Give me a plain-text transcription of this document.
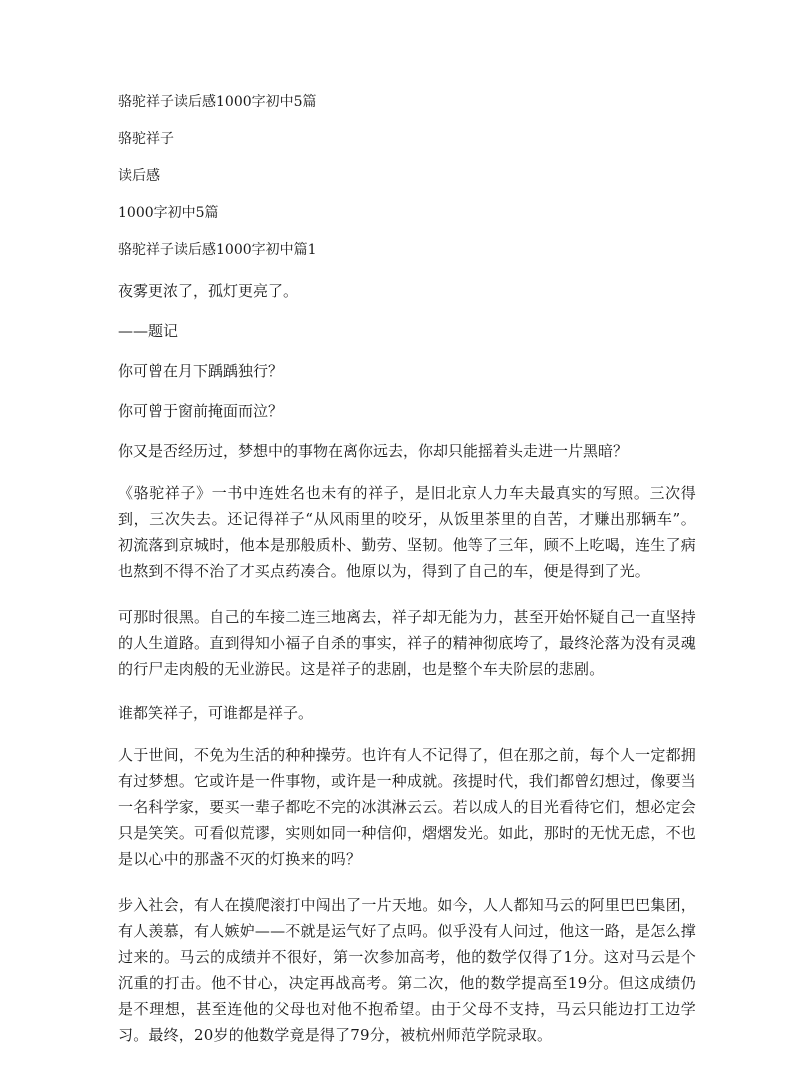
骆驼祥子读后感1000字初中5篇

骆驼祥子

读后感

1000字初中5篇

骆驼祥子读后感1000字初中篇1

夜雾更浓了，孤灯更亮了。

——题记

你可曾在月下踽踽独行？

你可曾于窗前掩面而泣？

你又是否经历过，梦想中的事物在离你远去，你却只能摇着头走进一片黑暗？

《骆驼祥子》一书中连姓名也未有的祥子，是旧北京人力车夫最真实的写照。三次得到，三次失去。还记得祥子“从风雨里的咬牙，从饭里茶里的自苦，才赚出那辆车”。初流落到京城时，他本是那般质朴、勤劳、坚韧。他等了三年，顾不上吃喝，连生了病也熬到不得不治了才买点药凑合。他原以为，得到了自己的车，便是得到了光。

可那时很黑。自己的车接二连三地离去，祥子却无能为力，甚至开始怀疑自己一直坚持的人生道路。直到得知小福子自杀的事实，祥子的精神彻底垮了，最终沦落为没有灵魂的行尸走肉般的无业游民。这是祥子的悲剧，也是整个车夫阶层的悲剧。

谁都笑祥子，可谁都是祥子。

人于世间，不免为生活的种种操劳。也许有人不记得了，但在那之前，每个人一定都拥有过梦想。它或许是一件事物，或许是一种成就。孩提时代，我们都曾幻想过，像要当一名科学家，要买一辈子都吃不完的冰淇淋云云。若以成人的目光看待它们，想必定会只是笑笑。可看似荒谬，实则如同一种信仰，熠熠发光。如此，那时的无忧无虑，不也是以心中的那盏不灭的灯换来的吗？

步入社会，有人在摸爬滚打中闯出了一片天地。如今，人人都知马云的阿里巴巴集团，有人羡慕，有人嫉妒——不就是运气好了点吗。似乎没有人问过，他这一路，是怎么撑过来的。马云的成绩并不很好，第一次参加高考，他的数学仅得了1分。这对马云是个沉重的打击。他不甘心，决定再战高考。第二次，他的数学提高至19分。但这成绩仍是不理想，甚至连他的父母也对他不抱希望。由于父母不支持，马云只能边打工边学习。最终，20岁的他数学竟是得了79分，被杭州师范学院录取。
